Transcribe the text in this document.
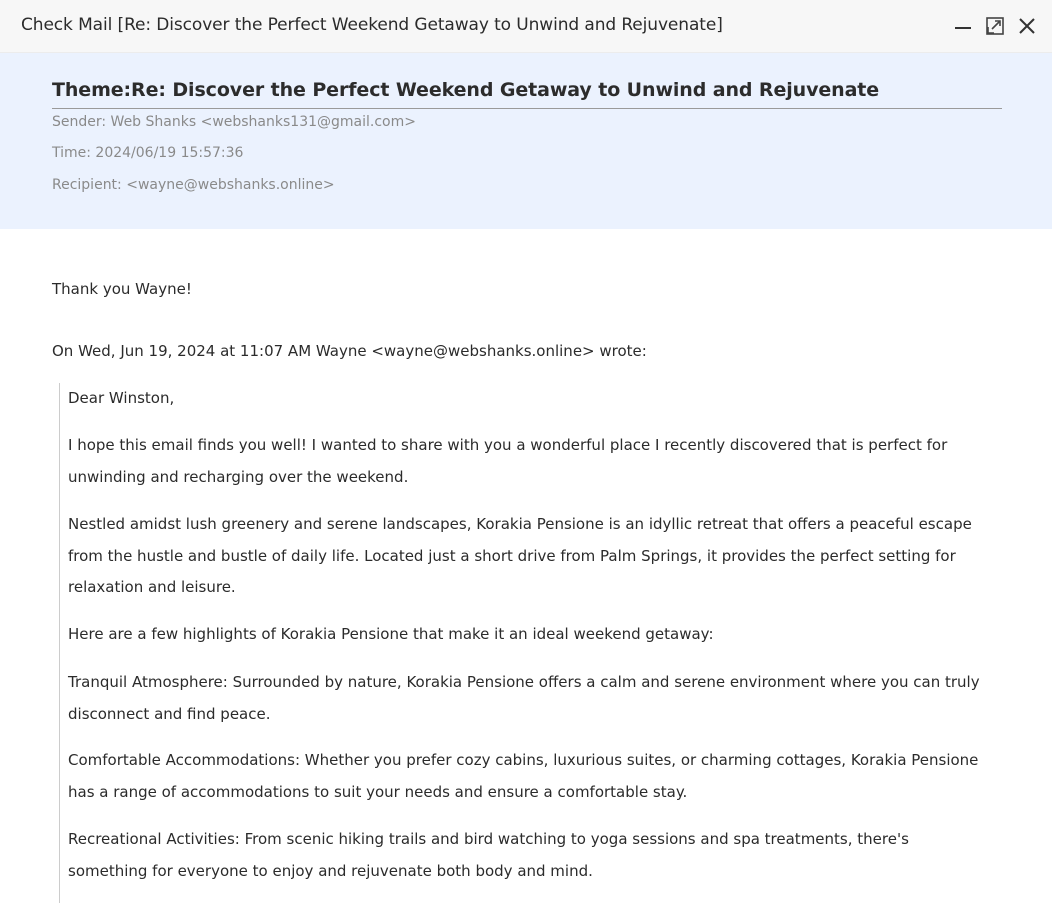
Check Mail [Re: Discover the Perfect Weekend Getaway to Unwind and Rejuvenate]
Theme:Re: Discover the Perfect Weekend Getaway to Unwind and Rejuvenate
Sender: Web Shanks <webshanks131@gmail.com>
Time: 2024/06/19 15:57:36
Recipient: <wayne@webshanks.online>
Thank you Wayne!
On Wed, Jun 19, 2024 at 11:07 AM Wayne <wayne@webshanks.online> wrote:

Dear Winston,

I hope this email finds you well! I wanted to share with you a wonderful place I recently discovered that is perfect for unwinding and recharging over the weekend.

Nestled amidst lush greenery and serene landscapes, Korakia Pensione is an idyllic retreat that offers a peaceful escape from the hustle and bustle of daily life. Located just a short drive from Palm Springs, it provides the perfect setting for relaxation and leisure.

Here are a few highlights of Korakia Pensione that make it an ideal weekend getaway:

Tranquil Atmosphere: Surrounded by nature, Korakia Pensione offers a calm and serene environment where you can truly disconnect and find peace.

Comfortable Accommodations: Whether you prefer cozy cabins, luxurious suites, or charming cottages, Korakia Pensione has a range of accommodations to suit your needs and ensure a comfortable stay.

Recreational Activities: From scenic hiking trails and bird watching to yoga sessions and spa treatments, there's something for everyone to enjoy and rejuvenate both body and mind.
